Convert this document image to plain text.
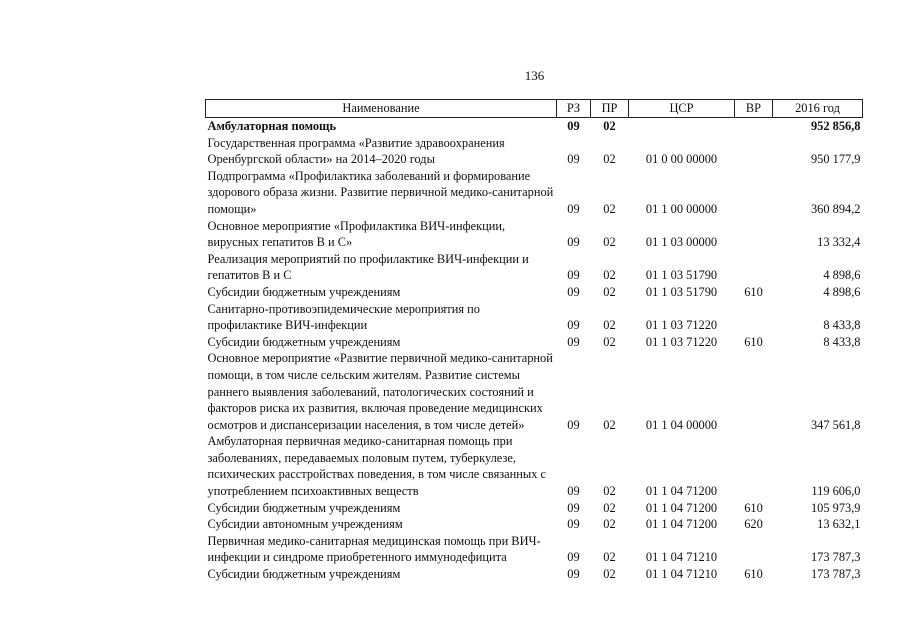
136
Наименование	РЗ	ПР	ЦСР	ВР	2016 год
Амбулаторная помощь	09	02			952 856,8
Государственная программа «Развитие здравоохранения Оренбургской области» на 2014–2020 годы	09	02	01 0 00 00000		950 177,9
Подпрограмма «Профилактика заболеваний и формирование здорового образа жизни. Развитие первичной медико-санитарной помощи»	09	02	01 1 00 00000		360 894,2
Основное мероприятие «Профилактика ВИЧ-инфекции, вирусных гепатитов В и С»	09	02	01 1 03 00000		13 332,4
Реализация мероприятий по профилактике ВИЧ-инфекции и гепатитов В и С	09	02	01 1 03 51790		4 898,6
Субсидии бюджетным учреждениям	09	02	01 1 03 51790	610	4 898,6
Санитарно-противоэпидемические мероприятия по профилактике ВИЧ-инфекции	09	02	01 1 03 71220		8 433,8
Субсидии бюджетным учреждениям	09	02	01 1 03 71220	610	8 433,8
Основное мероприятие «Развитие первичной медико-санитарной помощи, в том числе сельским жителям. Развитие системы раннего выявления заболеваний, патологических состояний и факторов риска их развития, включая проведение медицинских осмотров и диспансеризации населения, в том числе детей»	09	02	01 1 04 00000		347 561,8
Амбулаторная первичная медико-санитарная помощь при заболеваниях, передаваемых половым путем, туберкулезе, психических расстройствах поведения, в том числе связанных с употреблением психоактивных веществ	09	02	01 1 04 71200		119 606,0
Субсидии бюджетным учреждениям	09	02	01 1 04 71200	610	105 973,9
Субсидии автономным учреждениям	09	02	01 1 04 71200	620	13 632,1
Первичная медико-санитарная медицинская помощь при ВИЧ-инфекции и синдроме приобретенного иммунодефицита	09	02	01 1 04 71210		173 787,3
Субсидии бюджетным учреждениям	09	02	01 1 04 71210	610	173 787,3
